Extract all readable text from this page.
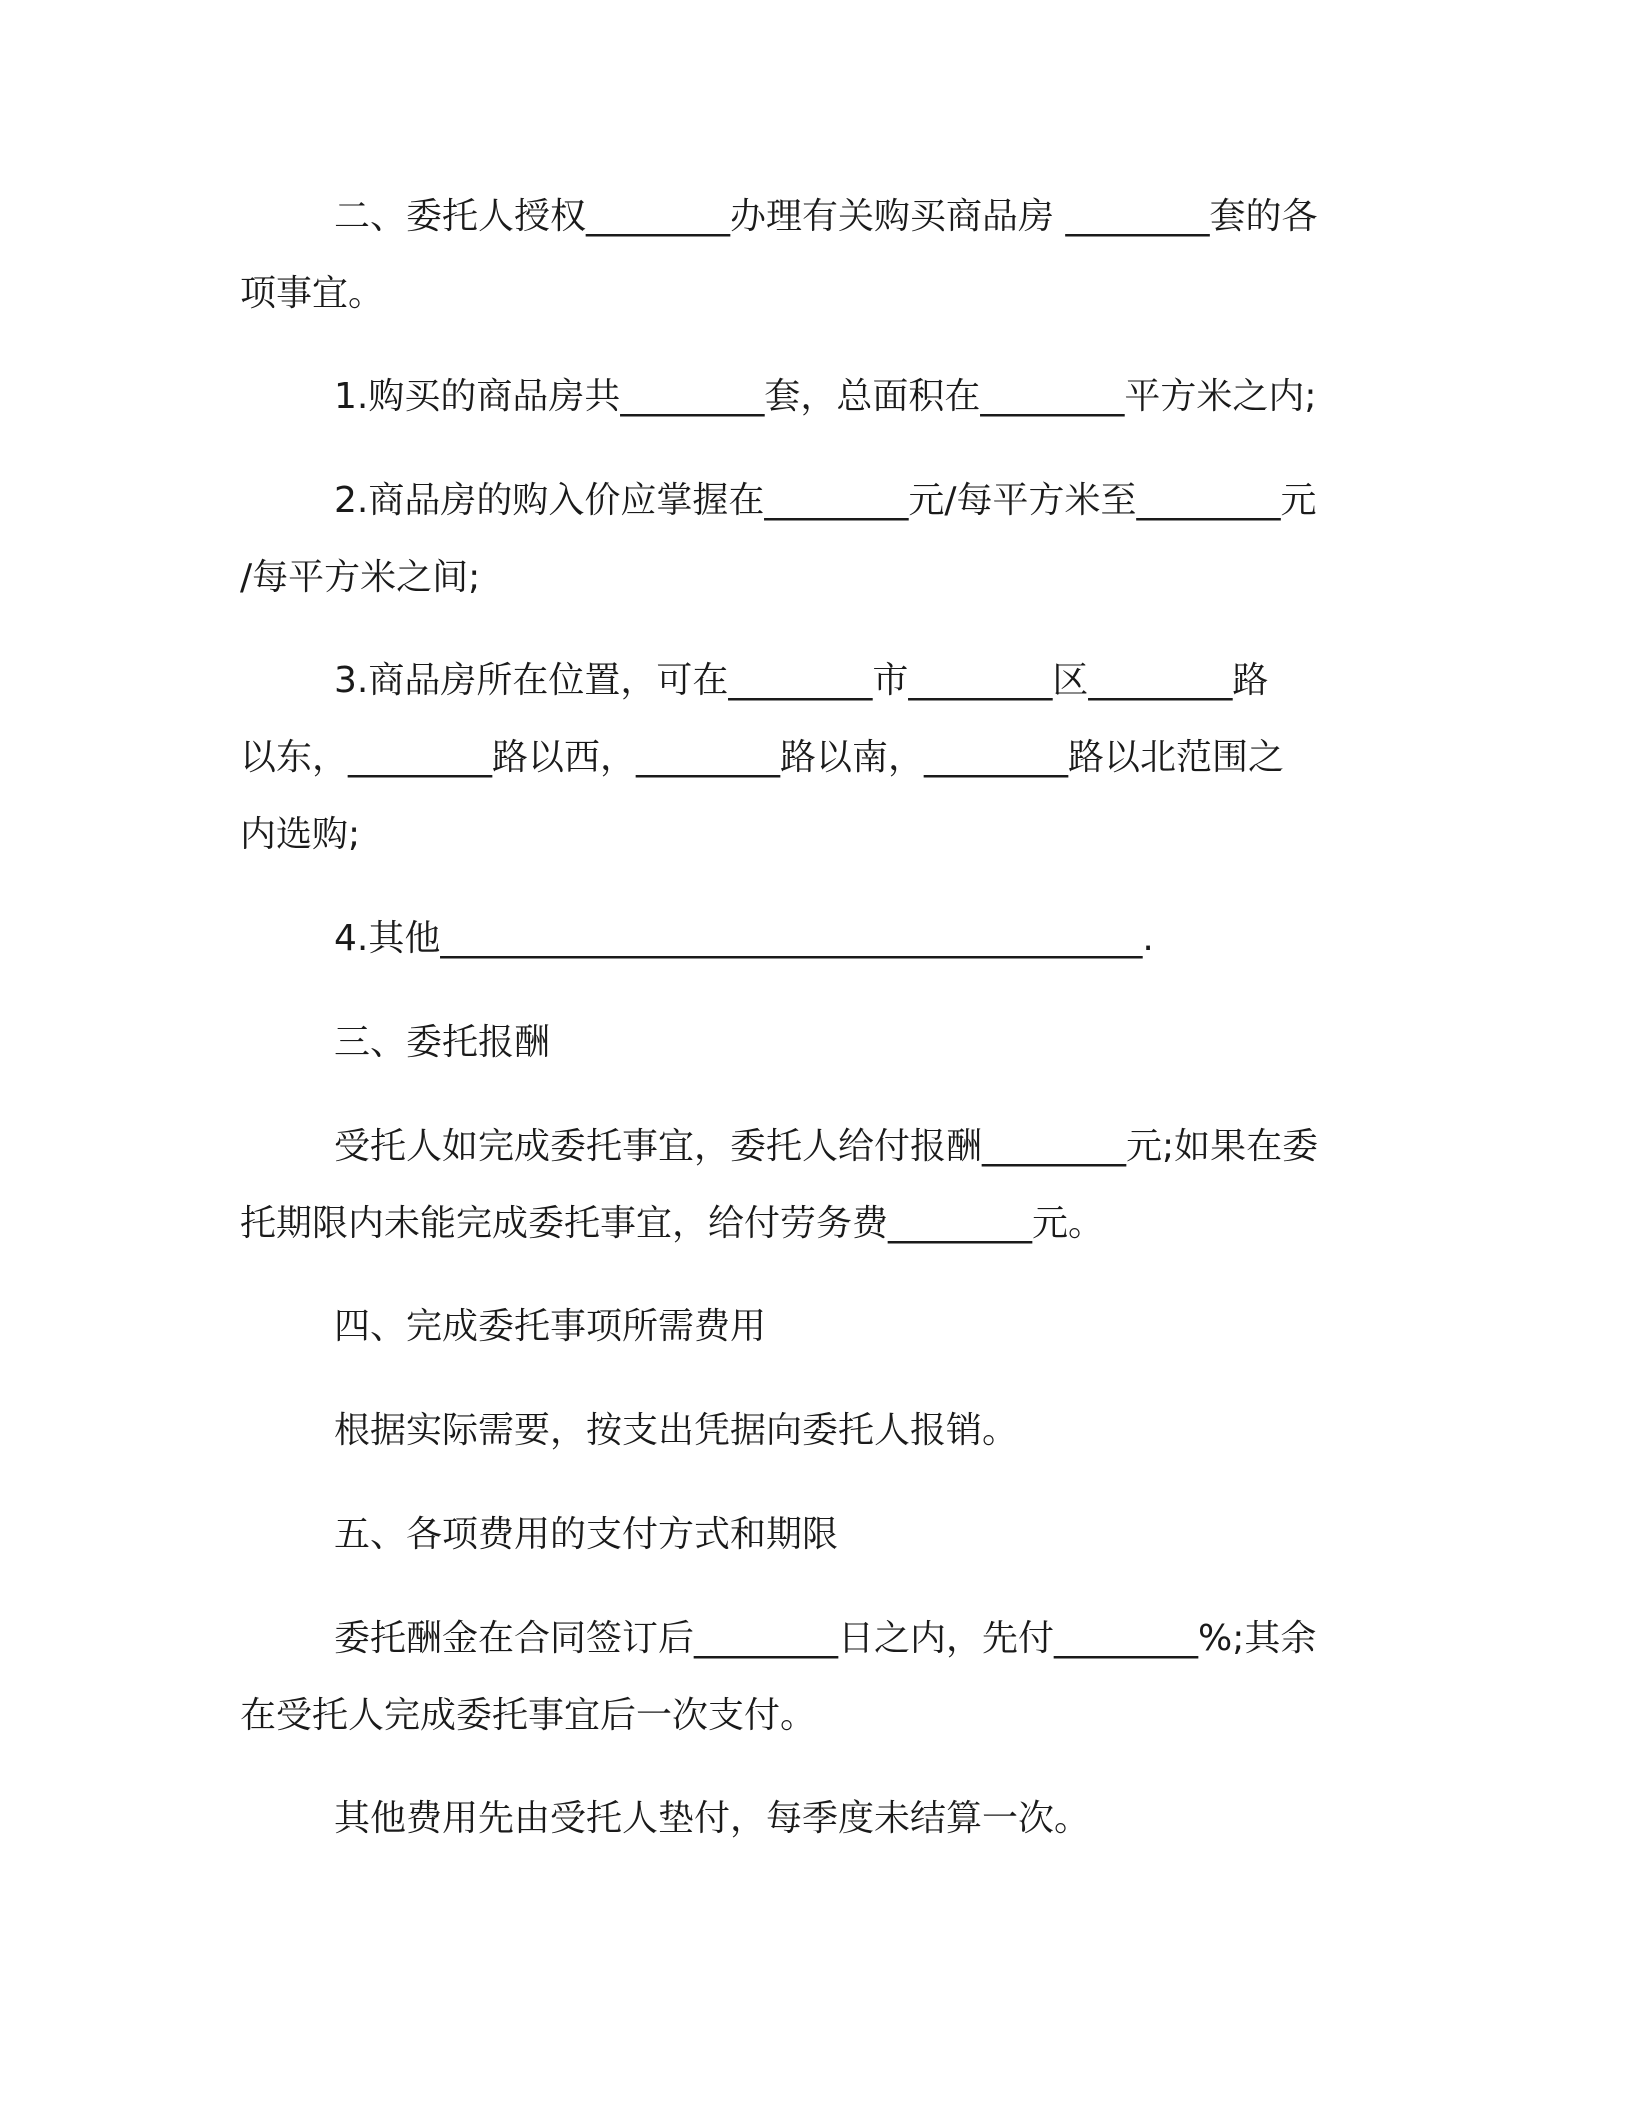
二、委托人授权________办理有关购买商品房 ________套的各
项事宜。
1.购买的商品房共________套，总面积在________平方米之内;
2.商品房的购入价应掌握在________元/每平方米至________元
/每平方米之间;
3.商品房所在位置，可在________市________区________路
以东，________路以西，________路以南，________路以北范围之
内选购;
4.其他_______________________________________.
三、委托报酬
受托人如完成委托事宜，委托人给付报酬________元;如果在委
托期限内未能完成委托事宜，给付劳务费________元。
四、完成委托事项所需费用
根据实际需要，按支出凭据向委托人报销。
五、各项费用的支付方式和期限
委托酬金在合同签订后________日之内，先付________%;其余
在受托人完成委托事宜后一次支付。
其他费用先由受托人垫付，每季度未结算一次。
